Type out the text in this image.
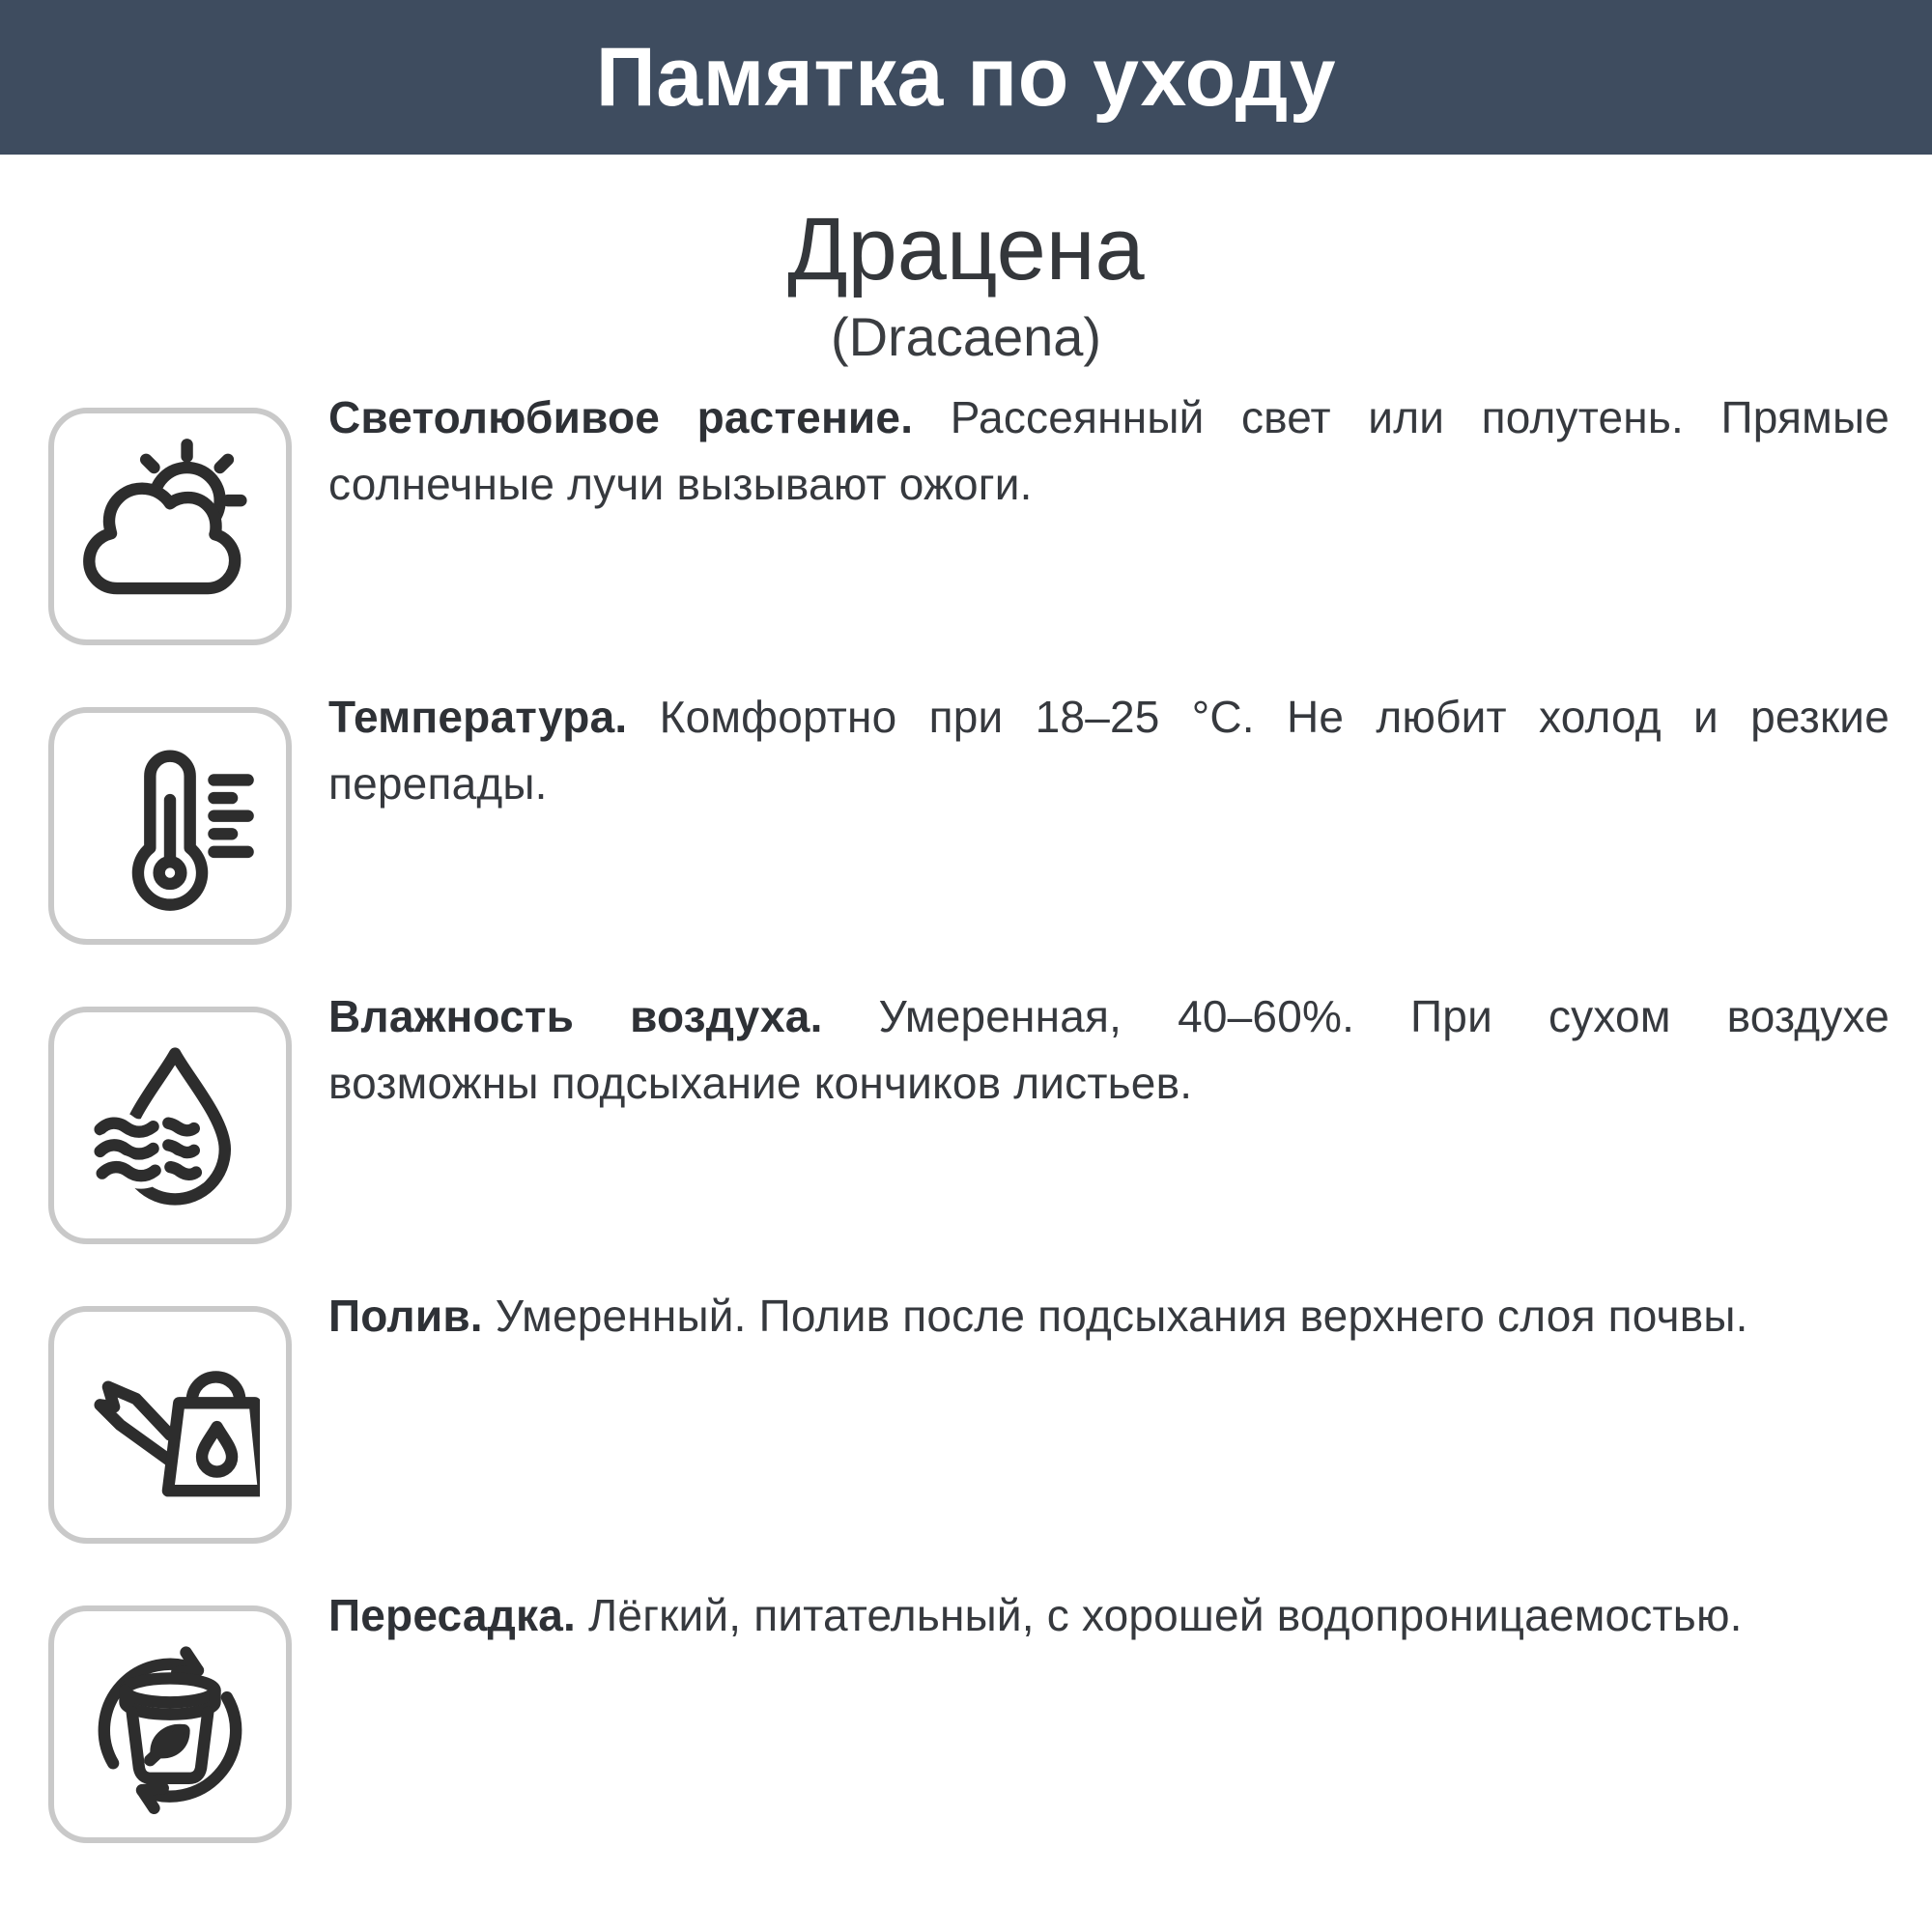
Памятка по уходу
Драцена
(Dracaena)
Светолюбивое растение. Рассеянный свет или полутень. Прямые
солнечные лучи вызывают ожоги.
Температура. Комфортно при 18–25 °C. Не любит холод и резкие
перепады.
Влажность воздуха. Умеренная, 40–60%. При сухом воздухе
возможны подсыхание кончиков листьев.
Полив. Умеренный. Полив после подсыхания верхнего слоя почвы.
Пересадка. Лёгкий, питательный, с хорошей водопроницаемостью.
